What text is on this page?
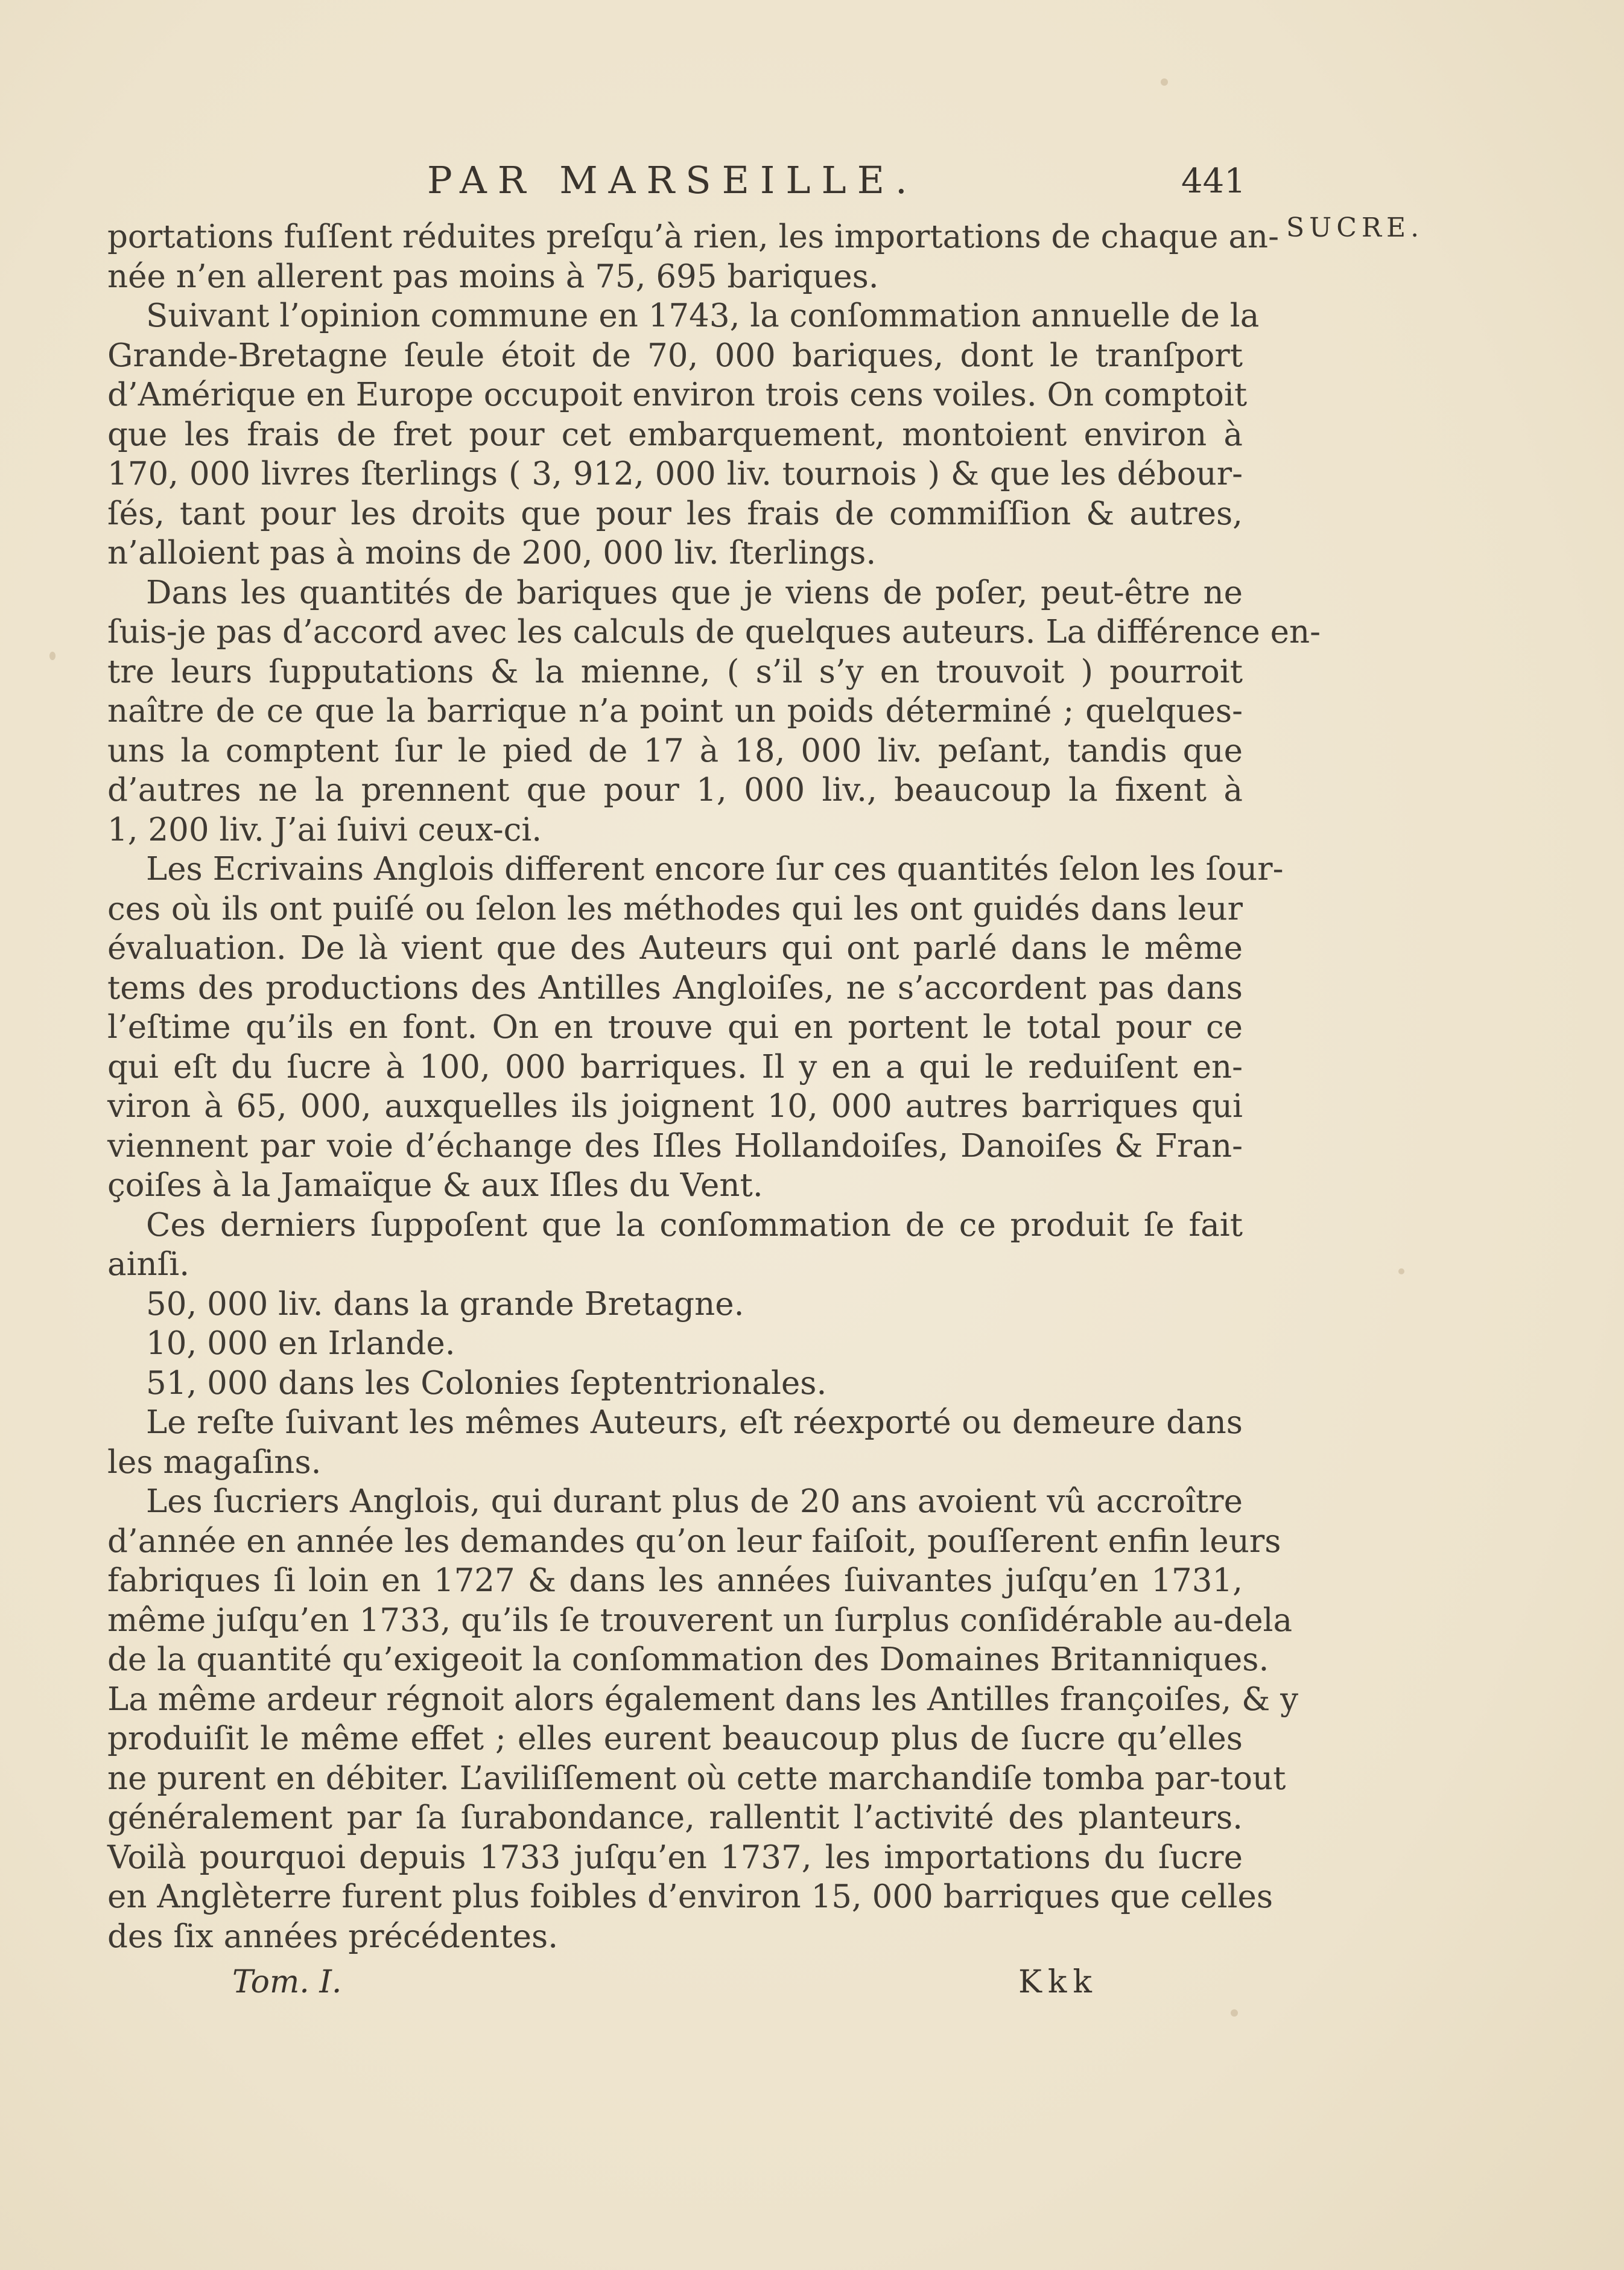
PAR MARSEILLE.	441
SUCRE.
portations fuſſent réduites preſqu’à rien, les importations de chaque an-
née n’en allerent pas moins à 75, 695 bariques.
Suivant l’opinion commune en 1743, la conſommation annuelle de la
Grande-Bretagne ſeule étoit de 70, 000 bariques, dont le tranſport
d’Amérique en Europe occupoit environ trois cens voiles. On comptoit
que les frais de fret pour cet embarquement, montoient environ à
170, 000 livres ſterlings ( 3, 912, 000 liv. tournois ) & que les débour-
ſés, tant pour les droits que pour les frais de commiſſion & autres,
n’alloient pas à moins de 200, 000 liv. ſterlings.
Dans les quantités de bariques que je viens de poſer, peut-être ne
ſuis-je pas d’accord avec les calculs de quelques auteurs. La différence en-
tre leurs ſupputations & la mienne, ( s’il s’y en trouvoit ) pourroit
naître de ce que la barrique n’a point un poids déterminé ; quelques-
uns la comptent ſur le pied de 17 à 18, 000 liv. peſant, tandis que
d’autres ne la prennent que pour 1, 000 liv., beaucoup la fixent à
1, 200 liv. J’ai ſuivi ceux-ci.
Les Ecrivains Anglois different encore ſur ces quantités ſelon les ſour-
ces où ils ont puiſé ou ſelon les méthodes qui les ont guidés dans leur
évaluation. De là vient que des Auteurs qui ont parlé dans le même
tems des productions des Antilles Angloiſes, ne s’accordent pas dans
l’eſtime qu’ils en font. On en trouve qui en portent le total pour ce
qui eſt du ſucre à 100, 000 barriques. Il y en a qui le reduiſent en-
viron à 65, 000, auxquelles ils joignent 10, 000 autres barriques qui
viennent par voie d’échange des Iſles Hollandoiſes, Danoiſes & Fran-
çoiſes à la Jamaïque & aux Iſles du Vent.
Ces derniers ſuppoſent que la conſommation de ce produit ſe fait
ainſi.
50, 000 liv. dans la grande Bretagne.
10, 000 en Irlande.
51, 000 dans les Colonies ſeptentrionales.
Le reſte ſuivant les mêmes Auteurs, eſt réexporté ou demeure dans
les magaſins.
Les ſucriers Anglois, qui durant plus de 20 ans avoient vû accroître
d’année en année les demandes qu’on leur faiſoit, pouſſerent enfin leurs
fabriques ſi loin en 1727 & dans les années ſuivantes juſqu’en 1731,
même juſqu’en 1733, qu’ils ſe trouverent un ſurplus conſidérable au-dela
de la quantité qu’exigeoit la conſommation des Domaines Britanniques.
La même ardeur régnoit alors également dans les Antilles françoiſes, & y
produiſit le même effet ; elles eurent beaucoup plus de ſucre qu’elles
ne purent en débiter. L’aviliſſement où cette marchandiſe tomba par-tout
généralement par ſa ſurabondance, rallentit l’activité des planteurs.
Voilà pourquoi depuis 1733 juſqu’en 1737, les importations du ſucre
en Anglèterre furent plus foibles d’environ 15, 000 barriques que celles
des ſix années précédentes.
Tom. I.	Kkk
